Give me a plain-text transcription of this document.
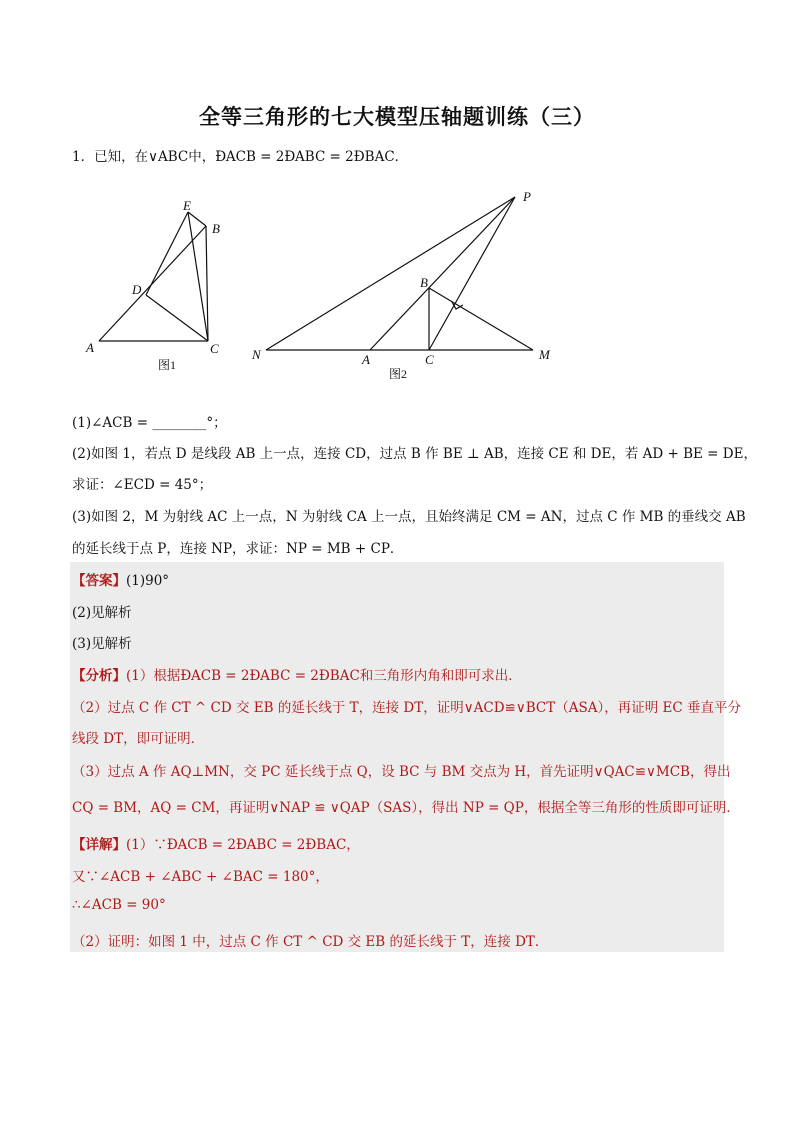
全等三角形的七大模型压轴题训练（三）
1．已知，在∨ABC中，ÐACB = 2ÐABC = 2ÐBAC．
A
B
C
D
E
图1
N	A
B
C	M
P
图2
(1)∠ACB = ________°；
(2)如图 1，若点 D 是线段 AB 上一点，连接 CD，过点 B 作 BE ⊥ AB，连接 CE 和 DE，若 AD + BE = DE，
求证：∠ECD = 45°；
(3)如图 2，M 为射线 AC 上一点，N 为射线 CA 上一点，且始终满足 CM = AN，过点 C 作 MB 的垂线交 AB
的延长线于点 P，连接 NP，求证：NP = MB + CP．
【答案】(1)90°
(2)见解析
(3)见解析
【分析】(1）根据ÐACB = 2ÐABC = 2ÐBAC和三角形内角和即可求出．
（2）过点 C 作 CT ^ CD 交 EB 的延长线于 T，连接 DT，证明∨ACD≌∨BCT（ASA），再证明 EC 垂直平分
线段 DT，即可证明．
（3）过点 A 作 AQ⊥MN，交 PC 延长线于点 Q，设 BC 与 BM 交点为 H，首先证明∨QAC≌∨MCB，得出
CQ = BM，AQ = CM，再证明∨NAP ≌ ∨QAP（SAS），得出 NP = QP，根据全等三角形的性质即可证明．
【详解】(1）∵ÐACB = 2ÐABC = 2ÐBAC，
又∵∠ACB + ∠ABC + ∠BAC = 180°，
∴∠ACB = 90°
（2）证明：如图 1 中，过点 C 作 CT ^ CD 交 EB 的延长线于 T，连接 DT．
